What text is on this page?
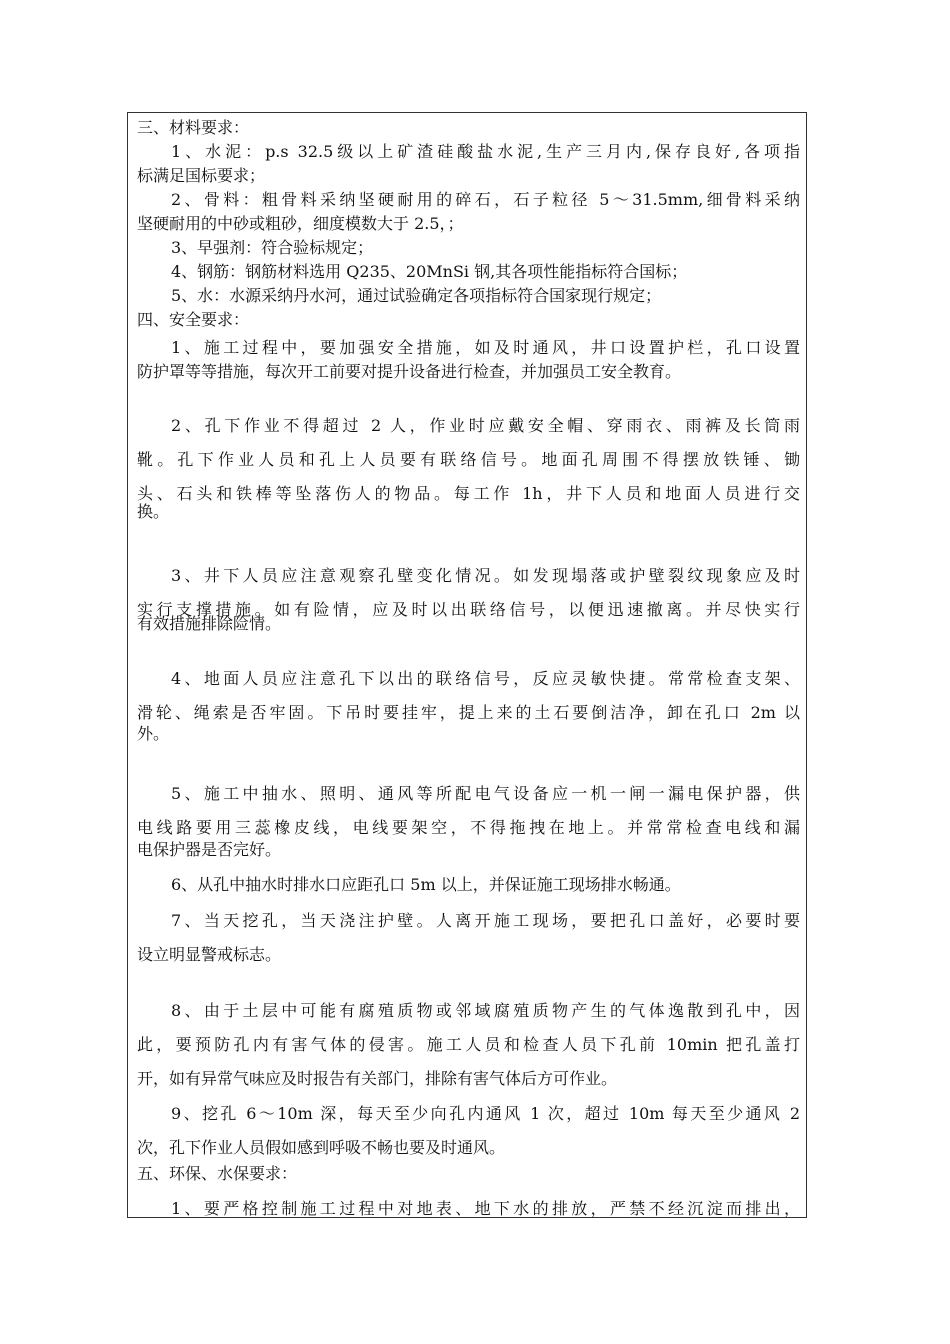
三、材料要求：
1、水泥：p.s 32.5级以上矿渣硅酸盐水泥,生产三月内,保存良好,各项指
标满足国标要求；
2、骨料：粗骨料采纳坚硬耐用的碎石，石子粒径 5～31.5mm,细骨料采纳
坚硬耐用的中砂或粗砂，细度模数大于 2.5，；
3、早强剂：符合验标规定；
4、钢筋：钢筋材料选用 Q235、20MnSi 钢,其各项性能指标符合国标；
5、水：水源采纳丹水河，通过试验确定各项指标符合国家现行规定；
四、安全要求：
1、施工过程中，要加强安全措施，如及时通风，井口设置护栏，孔口设置
防护罩等等措施，每次开工前要对提升设备进行检查，并加强员工安全教育。
2、孔下作业不得超过 2 人，作业时应戴安全帽、穿雨衣、雨裤及长筒雨
靴。孔下作业人员和孔上人员要有联络信号。地面孔周围不得摆放铁锤、锄
头、石头和铁棒等坠落伤人的物品。每工作 1h，井下人员和地面人员进行交
换。
3、井下人员应注意观察孔壁变化情况。如发现塌落或护壁裂纹现象应及时
实行支撑措施。如有险情，应及时以出联络信号，以便迅速撤离。并尽快实行
有效措施排除险情。
4、地面人员应注意孔下以出的联络信号，反应灵敏快捷。常常检查支架、
滑轮、绳索是否牢固。下吊时要挂牢，提上来的土石要倒洁净，卸在孔口 2m 以
外。
5、施工中抽水、照明、通风等所配电气设备应一机一闸一漏电保护器，供
电线路要用三蕊橡皮线，电线要架空，不得拖拽在地上。并常常检查电线和漏
电保护器是否完好。
6、从孔中抽水时排水口应距孔口 5m 以上，并保证施工现场排水畅通。
7、当天挖孔，当天浇注护壁。人离开施工现场，要把孔口盖好，必要时要
设立明显警戒标志。
8、由于土层中可能有腐殖质物或邻域腐殖质物产生的气体逸散到孔中，因
此，要预防孔内有害气体的侵害。施工人员和检查人员下孔前 10min 把孔盖打
开，如有异常气味应及时报告有关部门，排除有害气体后方可作业。
9、挖孔 6～10m 深，每天至少向孔内通风 1 次，超过 10m 每天至少通风 2
次，孔下作业人员假如感到呼吸不畅也要及时通风。
五、环保、水保要求：
1、要严格控制施工过程中对地表、地下水的排放，严禁不经沉淀而排出，
